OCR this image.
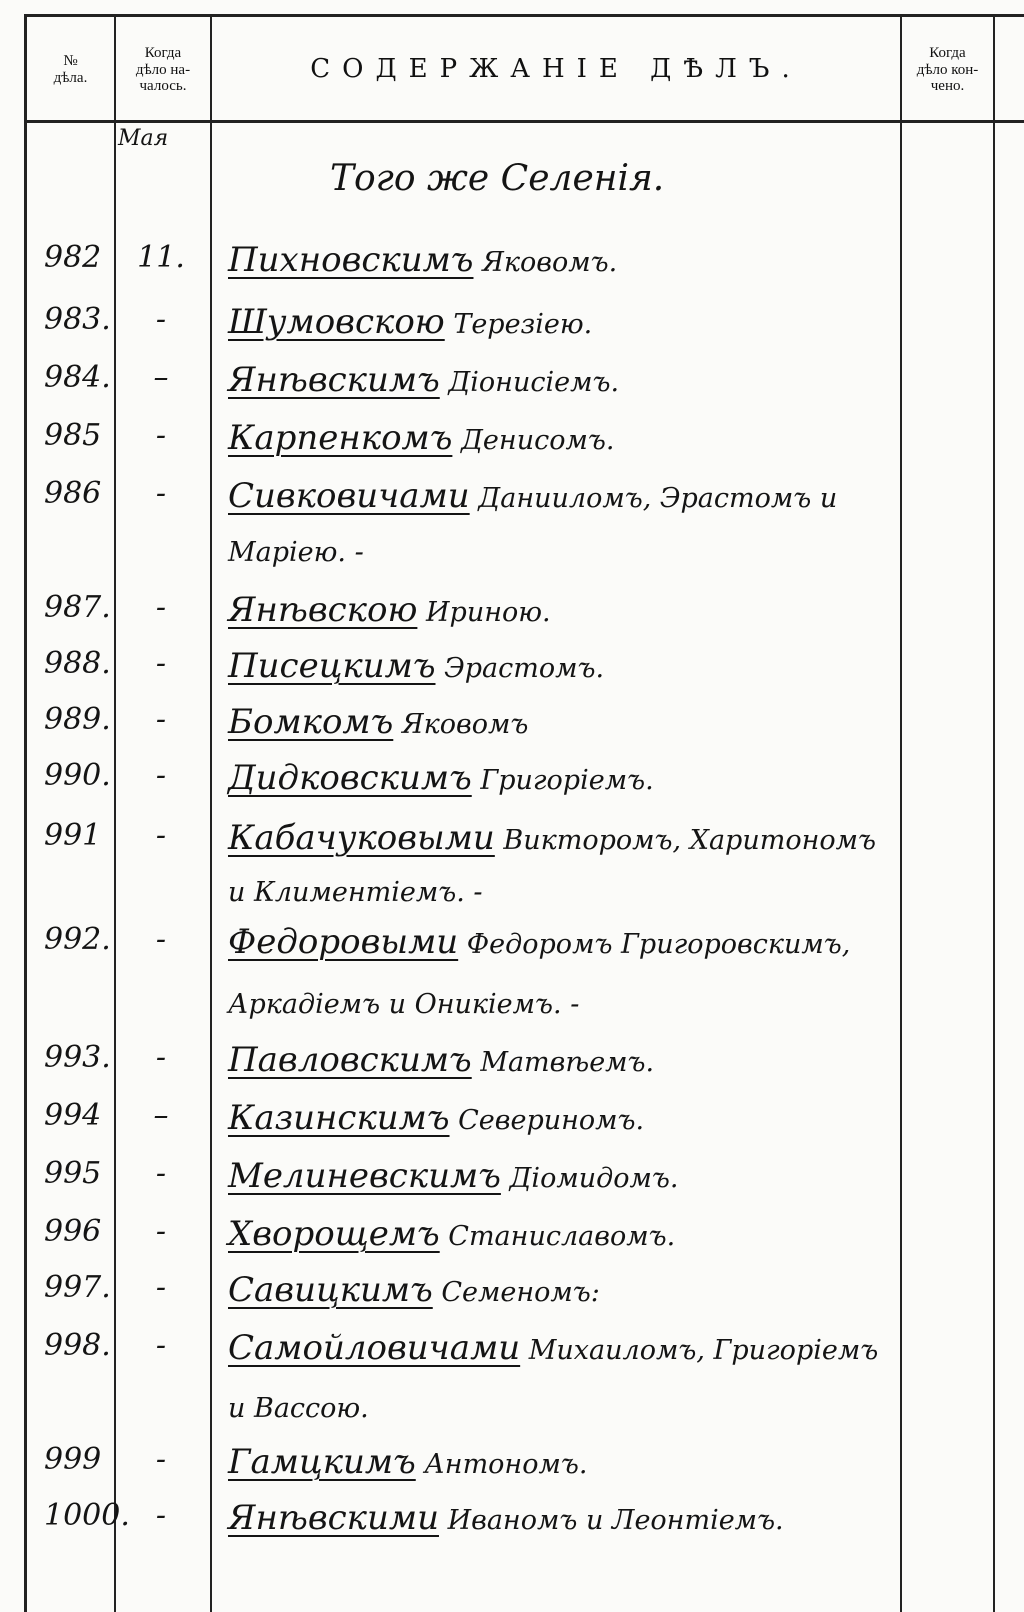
№
дѣла.
Когда
дѣло на-
чалось.
СОДЕРЖАНІЕ ДѢЛЪ.
Когда
дѣло кон-
чено.
Мая
Того же Селенія.
982	11.	Пихновскимъ Яковомъ.
983.	-	Шумовскою Терезіею.
984.	–	Янѣвскимъ Діонисіемъ.
985	-	Карпенкомъ Денисомъ.
986	-	Сивковичами Данииломъ, Эрастомъ и
Маріею. -
987.	-	Янѣвскою Ириною.
988.	-	Писецкимъ Эрастомъ.
989.	-	Бомкомъ Яковомъ
990.	-	Дидковскимъ Григоріемъ.
991	-	Кабачуковыми Викторомъ, Харитономъ
и Климентіемъ. -
992.	-	Федоровыми Федоромъ Григоровскимъ,
Аркадіемъ и Оникіемъ. -
993.	-	Павловскимъ Матвѣемъ.
994	–	Казинскимъ Севериномъ.
995	-	Мелиневскимъ Діомидомъ.
996	-	Хворощемъ Станиславомъ.
997.	-	Савицкимъ Семеномъ:
998.	-	Самойловичами Михаиломъ, Григоріемъ
и Вассою.
999	-	Гамцкимъ Антономъ.
1000. -	Янѣвскими Иваномъ и Леонтіемъ.
